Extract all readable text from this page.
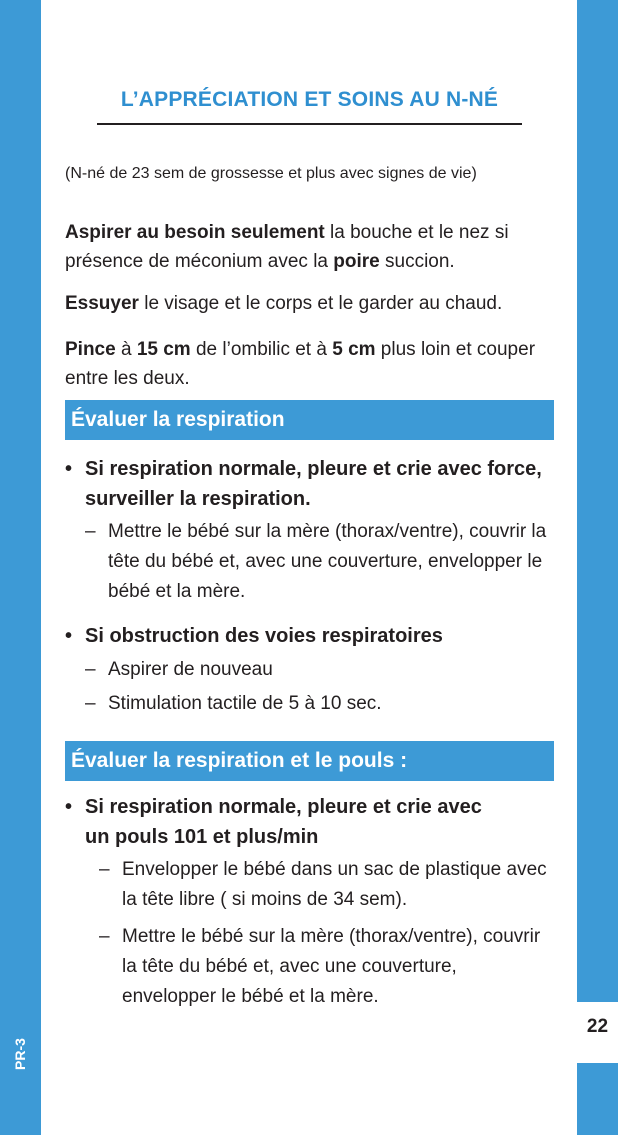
22
PR-3
L’APPRÉCIATION ET SOINS AU N-NÉ
(N-né de 23 sem de grossesse et plus avec signes de vie)
Aspirer au besoin seulement la bouche et le nez si présence de méconium avec la poire succion.
Essuyer le visage et le corps et le garder au chaud.
Pince à 15 cm de l’ombilic et à 5 cm plus loin et couper entre les deux.
Évaluer la respiration
• Si respiration normale, pleure et crie avec force, surveiller la respiration.
– Mettre le bébé sur la mère (thorax/ventre), couvrir la tête du bébé et, avec une couverture, envelopper le bébé et la mère.
• Si obstruction des voies respiratoires
– Aspirer de nouveau
– Stimulation tactile de 5 à 10 sec.
Évaluer la respiration et le pouls :
• Si respiration normale, pleure et crie avec un pouls 101 et plus/min
– Envelopper le bébé dans un sac de plastique avec la tête libre ( si moins de 34 sem).
– Mettre le bébé sur la mère (thorax/ventre), couvrir la tête du bébé et, avec une couverture, envelopper le bébé et la mère.
